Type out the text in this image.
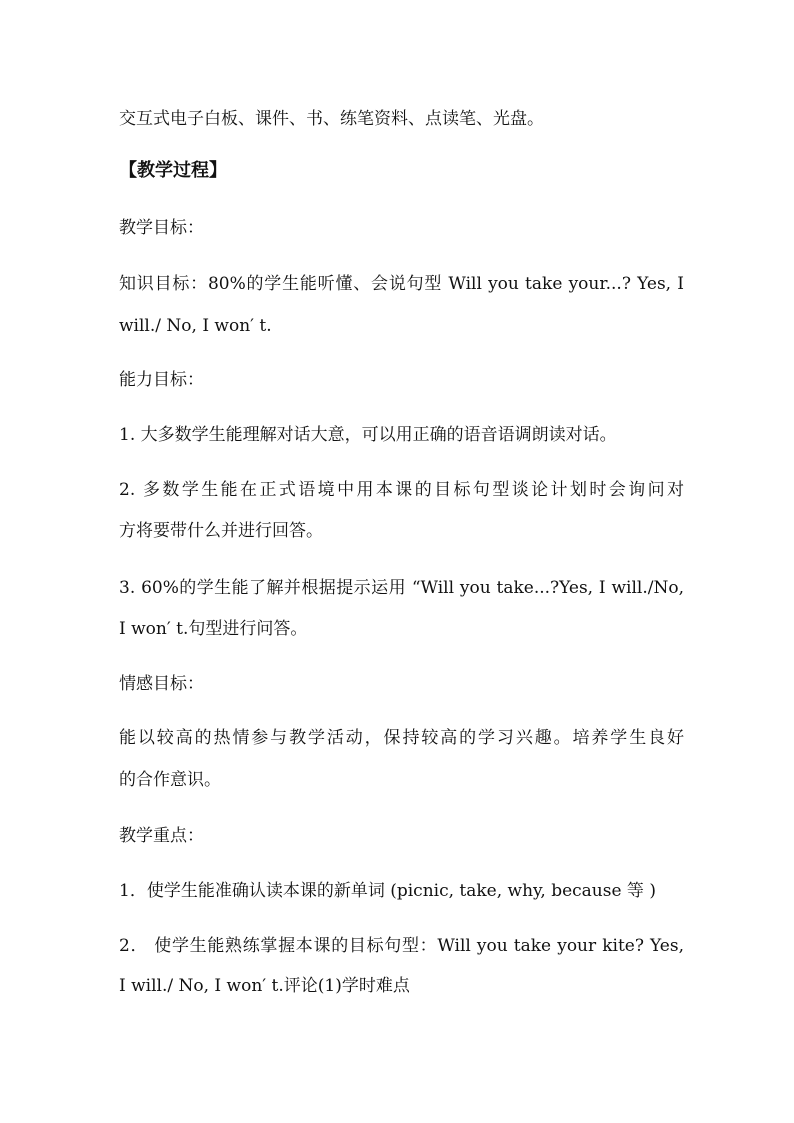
交互式电子白板、课件、书、练笔资料、点读笔、光盘。
【教学过程】
教学目标：
知识目标：80%的学生能听懂、会说句型 Will you take your...? Yes, I
will./ No, I won′ t.
能力目标：
1. 大多数学生能理解对话大意，可以用正确的语音语调朗读对话。
2. 多数学生能在正式语境中用本课的目标句型谈论计划时会询问对
方将要带什么并进行回答。
3. 60%的学生能了解并根据提示运用 “Will you take...?Yes, I will./No,
I won′ t.句型进行问答。
情感目标：
能以较高的热情参与教学活动，保持较高的学习兴趣。培养学生良好
的合作意识。
教学重点：
1．使学生能准确认读本课的新单词 (picnic, take, why, because 等 )
2． 使学生能熟练掌握本课的目标句型：Will you take your kite? Yes,
I will./ No, I won′ t.评论(1)学时难点
